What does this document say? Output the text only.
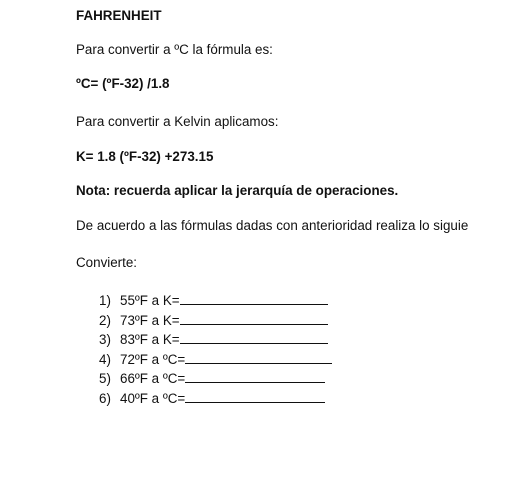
FAHRENHEIT
Para convertir a ºC la fórmula es:
ºC= (ºF-32) /1.8
Para convertir a Kelvin aplicamos:
K= 1.8 (ºF-32) +273.15
Nota: recuerda aplicar la jerarquía de operaciones.
De acuerdo a las fórmulas dadas con anterioridad realiza lo siguie
Convierte:
1) 55ºF a K=
2) 73ºF a K=
3) 83ºF a K=
4) 72ºF a ºC=
5) 66ºF a ºC=
6) 40ºF a ºC=
